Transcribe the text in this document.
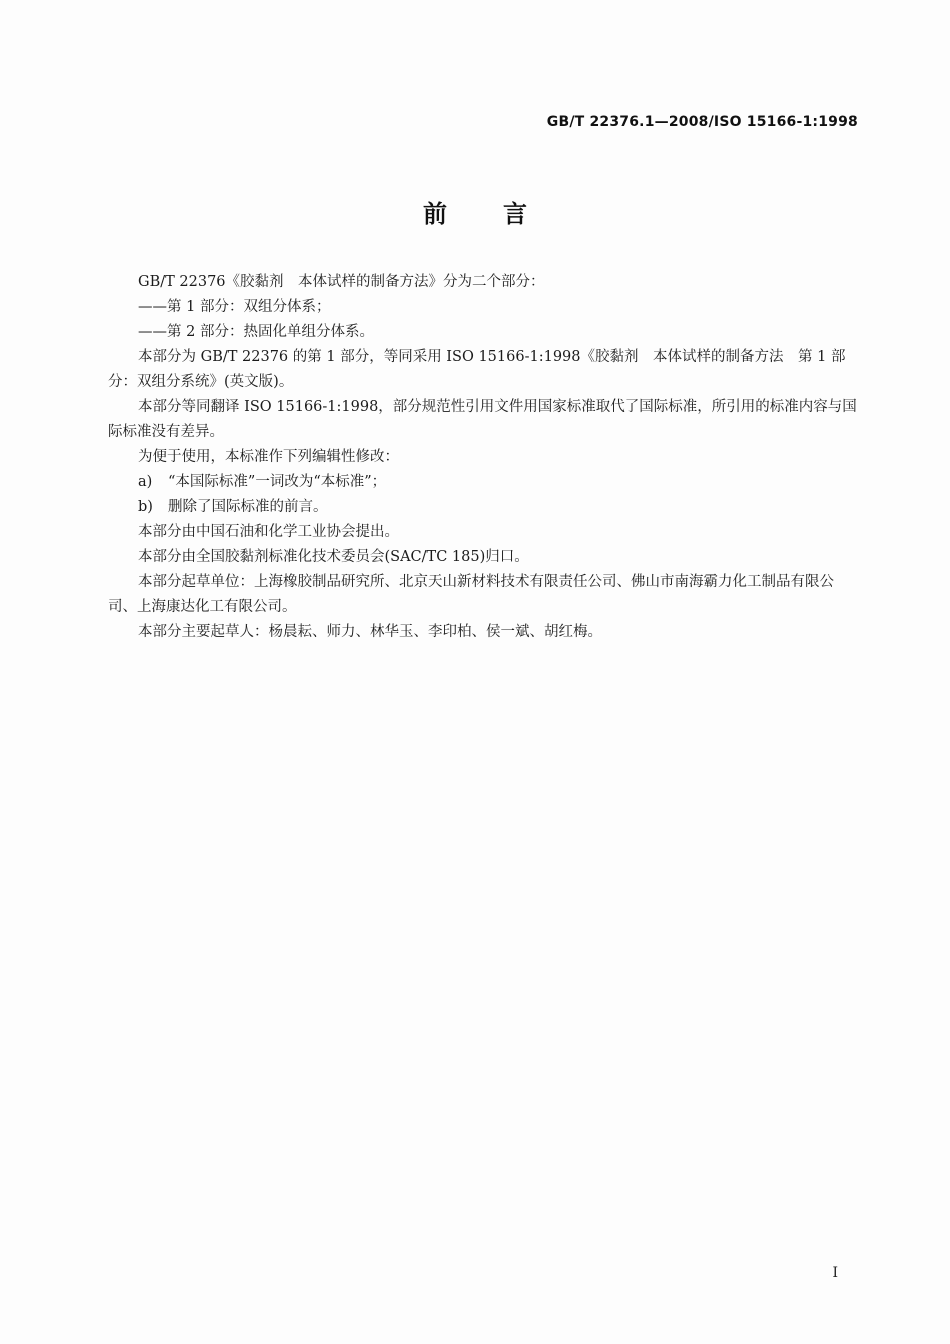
GB/T 22376.1—2008/ISO 15166-1:1998
前言

GB/T 22376《胶黏剂　本体试样的制备方法》分为二个部分：

——第 1 部分：双组分体系；

——第 2 部分：热固化单组分体系。

本部分为 GB/T 22376 的第 1 部分，等同采用 ISO 15166-1:1998《胶黏剂　本体试样的制备方法　第 1 部分：双组分系统》(英文版)。

本部分等同翻译 ISO 15166-1:1998，部分规范性引用文件用国家标准取代了国际标准，所引用的标准内容与国际标准没有差异。

为便于使用，本标准作下列编辑性修改：

a) “本国际标准”一词改为“本标准”；

b) 删除了国际标准的前言。

本部分由中国石油和化学工业协会提出。

本部分由全国胶黏剂标准化技术委员会(SAC/TC 185)归口。

本部分起草单位：上海橡胶制品研究所、北京天山新材料技术有限责任公司、佛山市南海霸力化工制品有限公司、上海康达化工有限公司。

本部分主要起草人：杨晨耘、师力、林华玉、李印柏、侯一斌、胡红梅。

I
